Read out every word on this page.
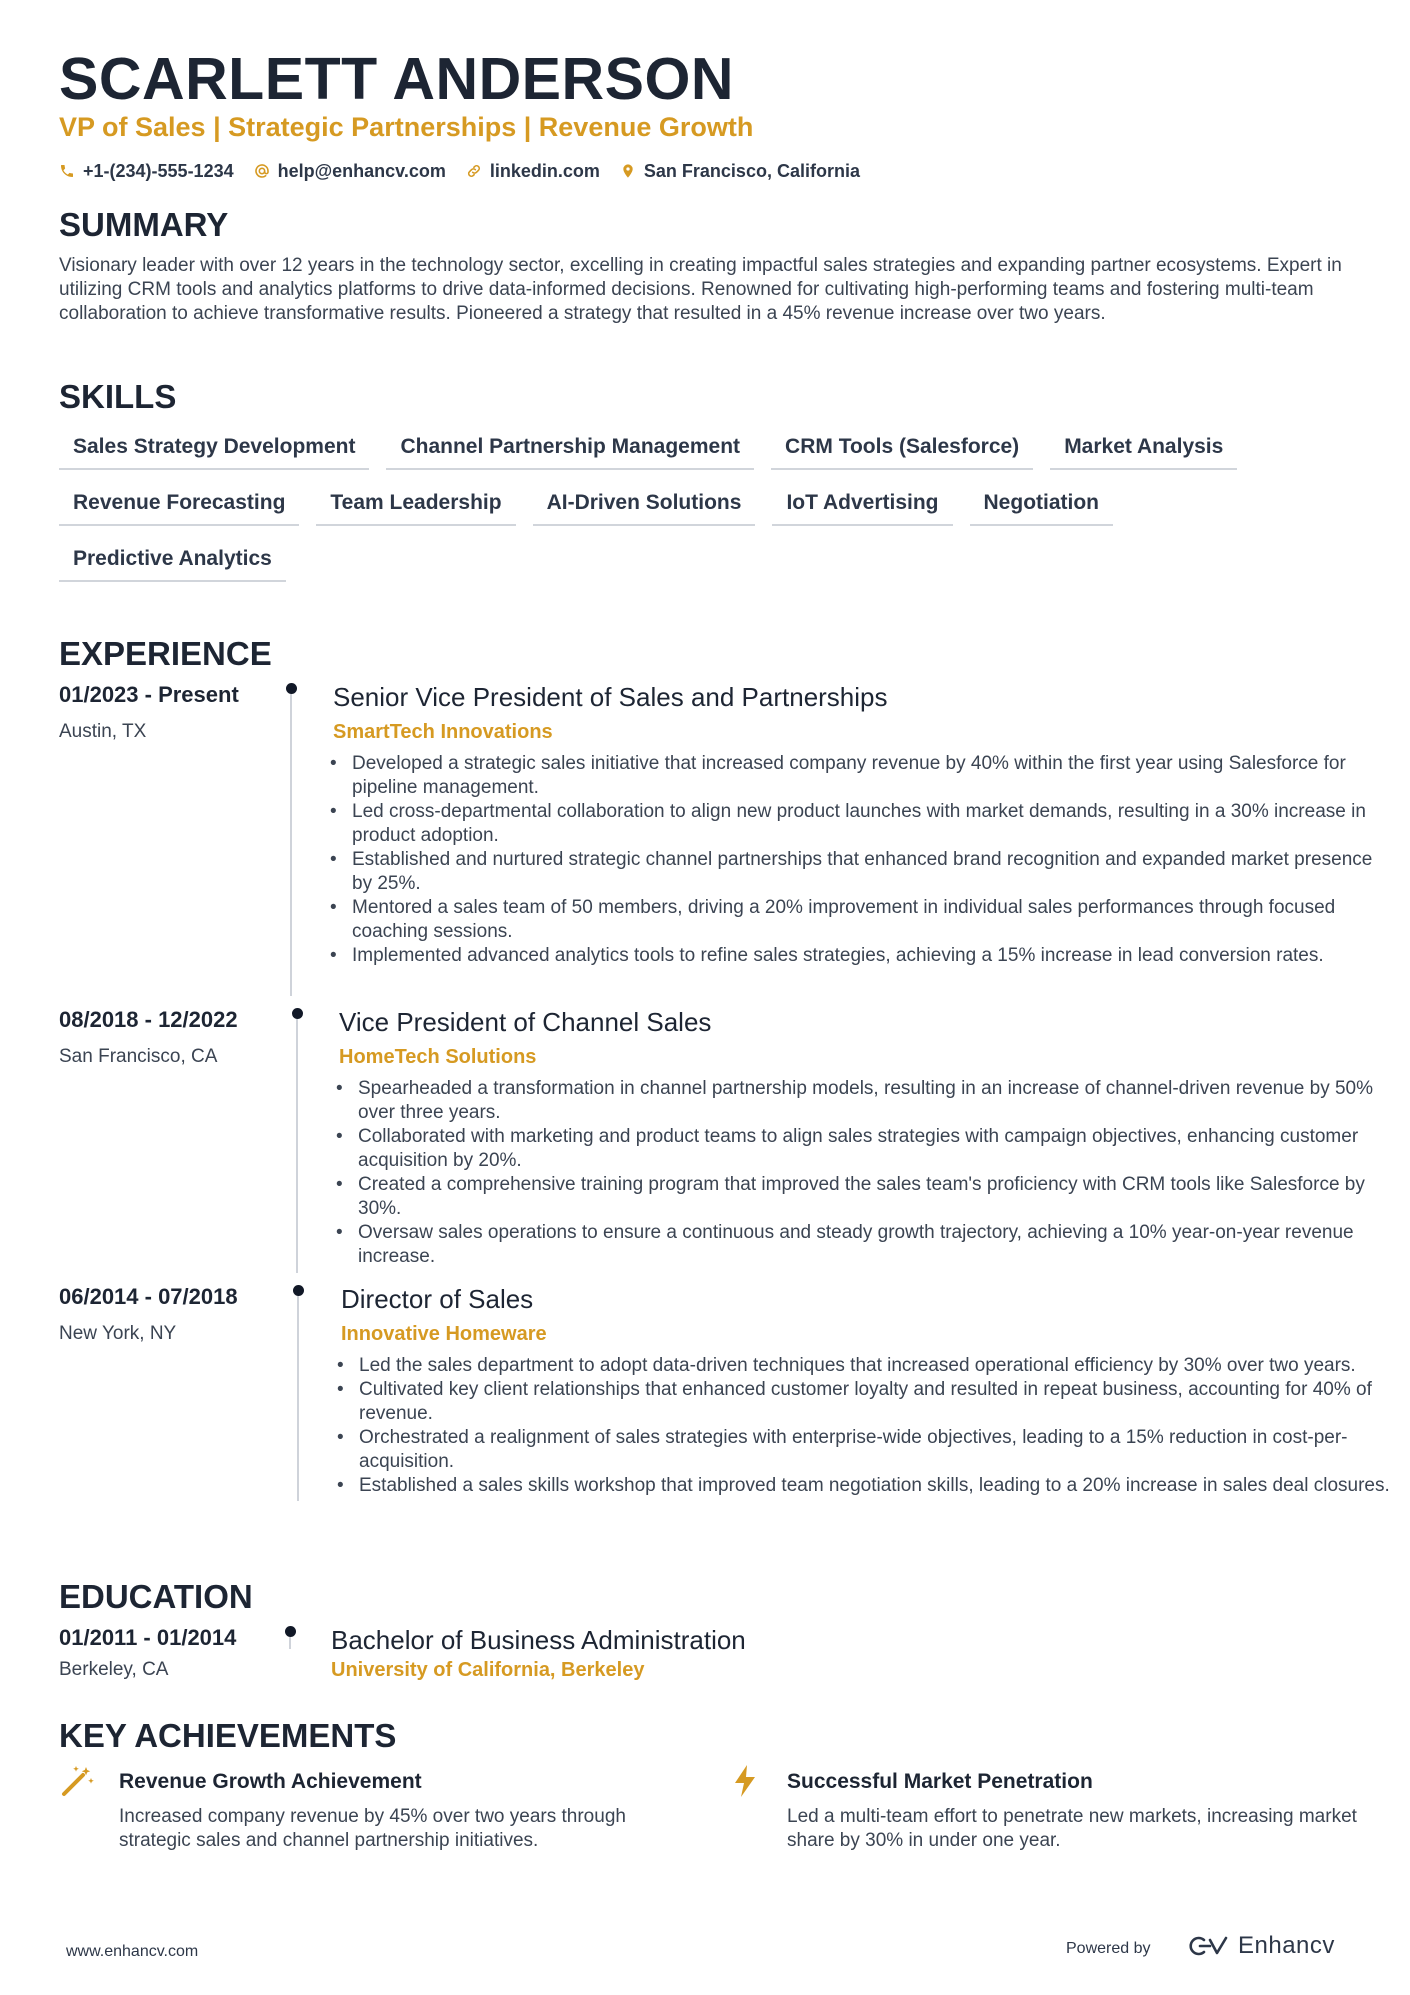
SCARLETT ANDERSON
VP of Sales | Strategic Partnerships | Revenue Growth
+1-(234)-555-1234 help@enhancv.com linkedin.com San Francisco, California
SUMMARY
Visionary leader with over 12 years in the technology sector, excelling in creating impactful sales strategies and expanding partner ecosystems. Expert in utilizing CRM tools and analytics platforms to drive data-informed decisions. Renowned for cultivating high-performing teams and fostering multi-team collaboration to achieve transformative results. Pioneered a strategy that resulted in a 45% revenue increase over two years.
SKILLS
Sales Strategy Development	Channel Partnership Management	CRM Tools (Salesforce)	Market Analysis
Revenue Forecasting	Team Leadership	AI-Driven Solutions	IoT Advertising	Negotiation
Predictive Analytics
EXPERIENCE
01/2023 - Present
Austin, TX
Senior Vice President of Sales and Partnerships
SmartTech Innovations
• Developed a strategic sales initiative that increased company revenue by 40% within the first year using Salesforce for pipeline management.
• Led cross-departmental collaboration to align new product launches with market demands, resulting in a 30% increase in product adoption.
• Established and nurtured strategic channel partnerships that enhanced brand recognition and expanded market presence by 25%.
• Mentored a sales team of 50 members, driving a 20% improvement in individual sales performances through focused coaching sessions.
• Implemented advanced analytics tools to refine sales strategies, achieving a 15% increase in lead conversion rates.
08/2018 - 12/2022
San Francisco, CA
Vice President of Channel Sales
HomeTech Solutions
• Spearheaded a transformation in channel partnership models, resulting in an increase of channel-driven revenue by 50% over three years.
• Collaborated with marketing and product teams to align sales strategies with campaign objectives, enhancing customer acquisition by 20%.
• Created a comprehensive training program that improved the sales team's proficiency with CRM tools like Salesforce by 30%.
• Oversaw sales operations to ensure a continuous and steady growth trajectory, achieving a 10% year-on-year revenue increase.
06/2014 - 07/2018
New York, NY
Director of Sales
Innovative Homeware
• Led the sales department to adopt data-driven techniques that increased operational efficiency by 30% over two years.
• Cultivated key client relationships that enhanced customer loyalty and resulted in repeat business, accounting for 40% of revenue.
• Orchestrated a realignment of sales strategies with enterprise-wide objectives, leading to a 15% reduction in cost-per-acquisition.
• Established a sales skills workshop that improved team negotiation skills, leading to a 20% increase in sales deal closures.
EDUCATION
01/2011 - 01/2014
Berkeley, CA
Bachelor of Business Administration
University of California, Berkeley
KEY ACHIEVEMENTS
Revenue Growth Achievement
Increased company revenue by 45% over two years through strategic sales and channel partnership initiatives.
Successful Market Penetration
Led a multi-team effort to penetrate new markets, increasing market share by 30% in under one year.
www.enhancv.com	Powered by	Enhancv
